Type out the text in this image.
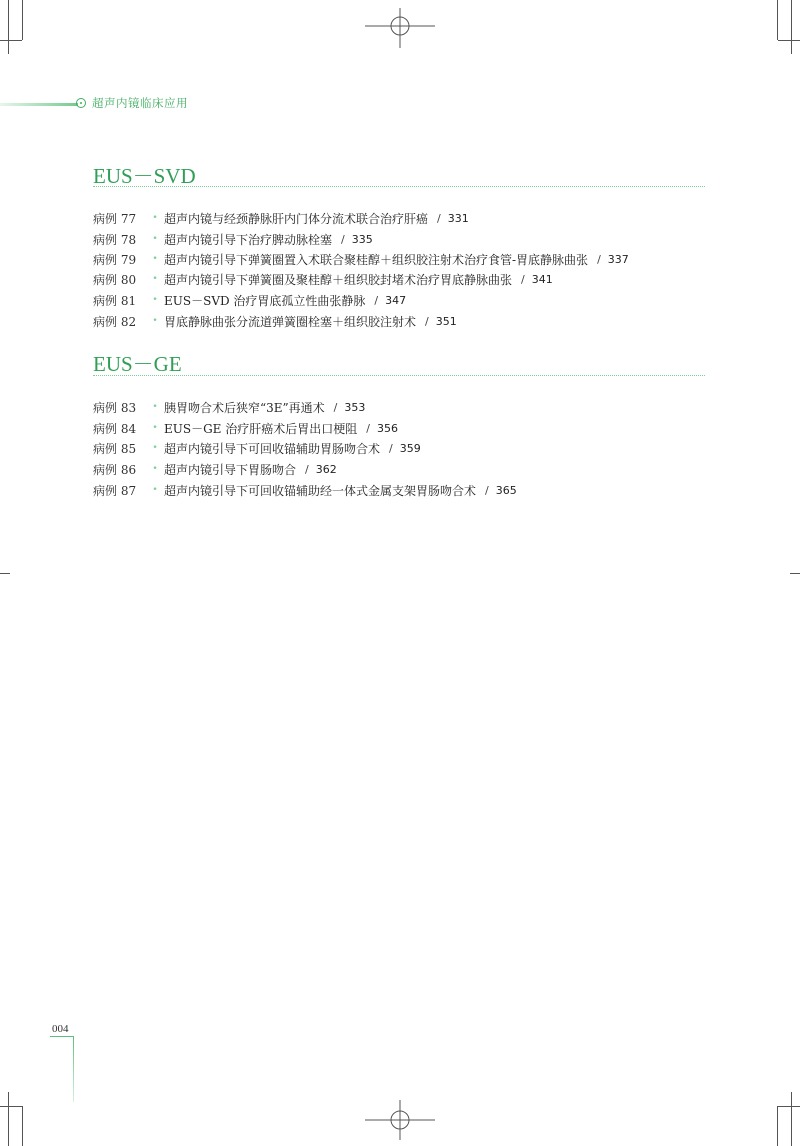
超声内镜临床应用
EUS－SVD
病例 77	• 超声内镜与经颈静脉肝内门体分流术联合治疗肝癌 / 331
病例 78	• 超声内镜引导下治疗脾动脉栓塞 / 335
病例 79	• 超声内镜引导下弹簧圈置入术联合聚桂醇＋组织胶注射术治疗食管-胃底静脉曲张 / 337
病例 80	• 超声内镜引导下弹簧圈及聚桂醇＋组织胶封堵术治疗胃底静脉曲张 / 341
病例 81	• EUS－SVD 治疗胃底孤立性曲张静脉 / 347
病例 82	• 胃底静脉曲张分流道弹簧圈栓塞＋组织胶注射术 / 351
EUS－GE
病例 83	• 胰胃吻合术后狭窄“3E”再通术 / 353
病例 84	• EUS－GE 治疗肝癌术后胃出口梗阻 / 356
病例 85	• 超声内镜引导下可回收锚辅助胃肠吻合术 / 359
病例 86	• 超声内镜引导下胃肠吻合 / 362
病例 87	• 超声内镜引导下可回收锚辅助经一体式金属支架胃肠吻合术 / 365
004
